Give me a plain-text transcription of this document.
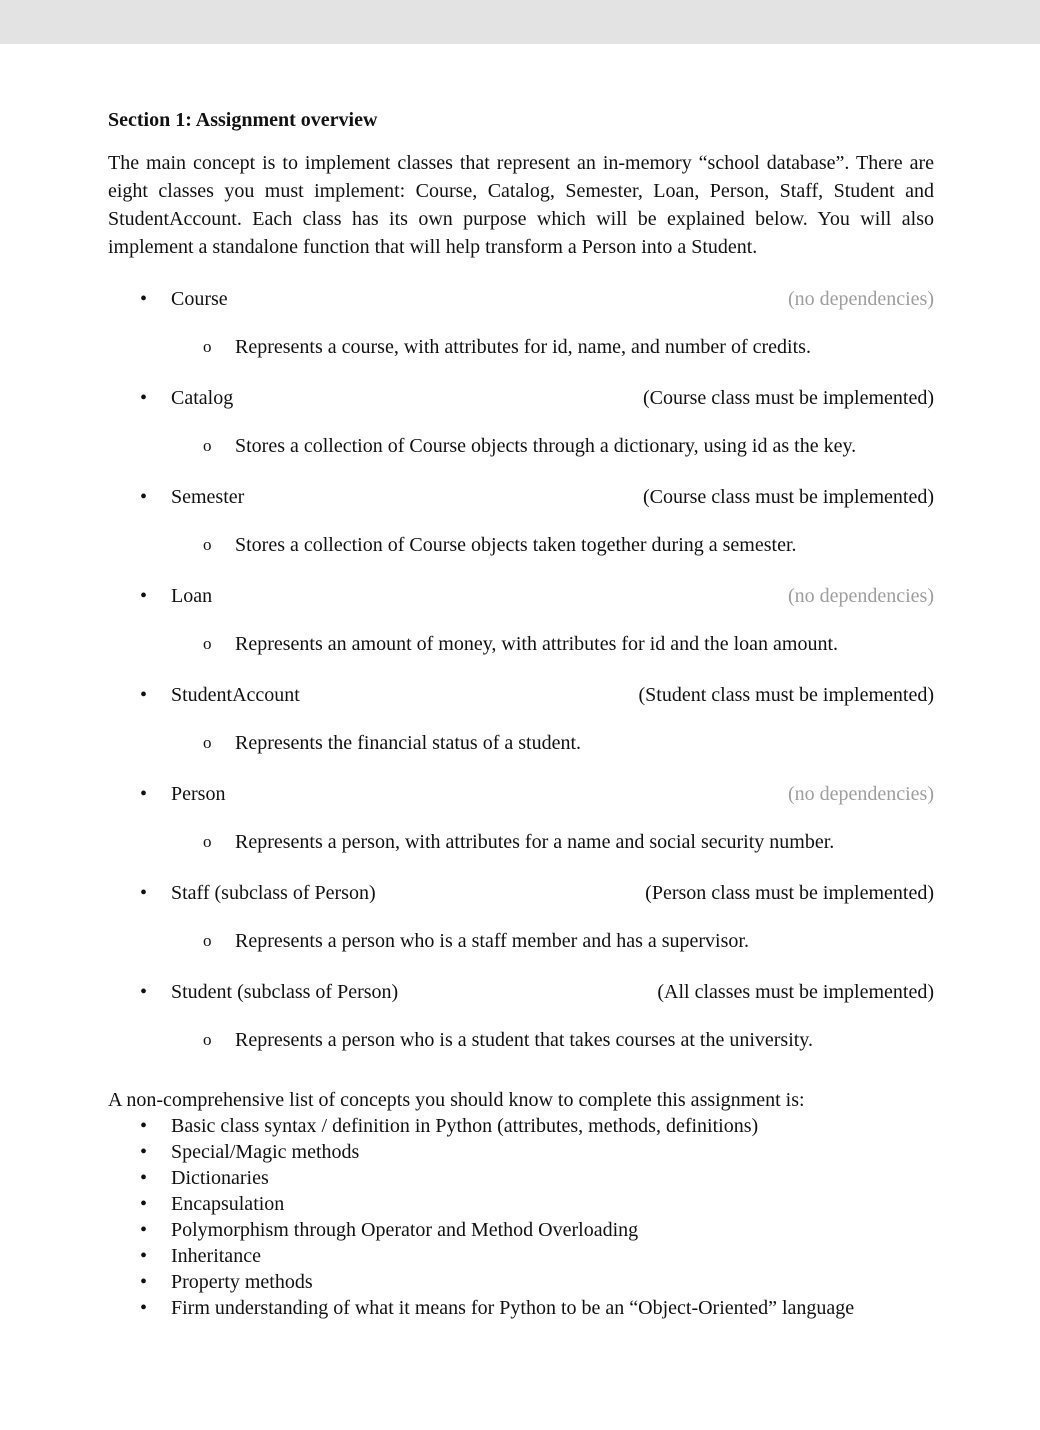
Section 1: Assignment overview

The main concept is to implement classes that represent an in-memory “school database”. There are eight classes you must implement: Course, Catalog, Semester, Loan, Person, Staff, Student and StudentAccount. Each class has its own purpose which will be explained below. You will also implement a standalone function that will help transform a Person into a Student.

• Course	(no dependencies)
o Represents a course, with attributes for id, name, and number of credits.
• Catalog	(Course class must be implemented)
o Stores a collection of Course objects through a dictionary, using id as the key.
• Semester	(Course class must be implemented)
o Stores a collection of Course objects taken together during a semester.
• Loan	(no dependencies)
o Represents an amount of money, with attributes for id and the loan amount.
• StudentAccount	(Student class must be implemented)
o Represents the financial status of a student.
• Person	(no dependencies)
o Represents a person, with attributes for a name and social security number.
• Staff (subclass of Person)	(Person class must be implemented)
o Represents a person who is a staff member and has a supervisor.
• Student (subclass of Person)	(All classes must be implemented)
o Represents a person who is a student that takes courses at the university.

A non-comprehensive list of concepts you should know to complete this assignment is:

• Basic class syntax / definition in Python (attributes, methods, definitions)
• Special/Magic methods
• Dictionaries
• Encapsulation
• Polymorphism through Operator and Method Overloading
• Inheritance
• Property methods
• Firm understanding of what it means for Python to be an “Object-Oriented” language
